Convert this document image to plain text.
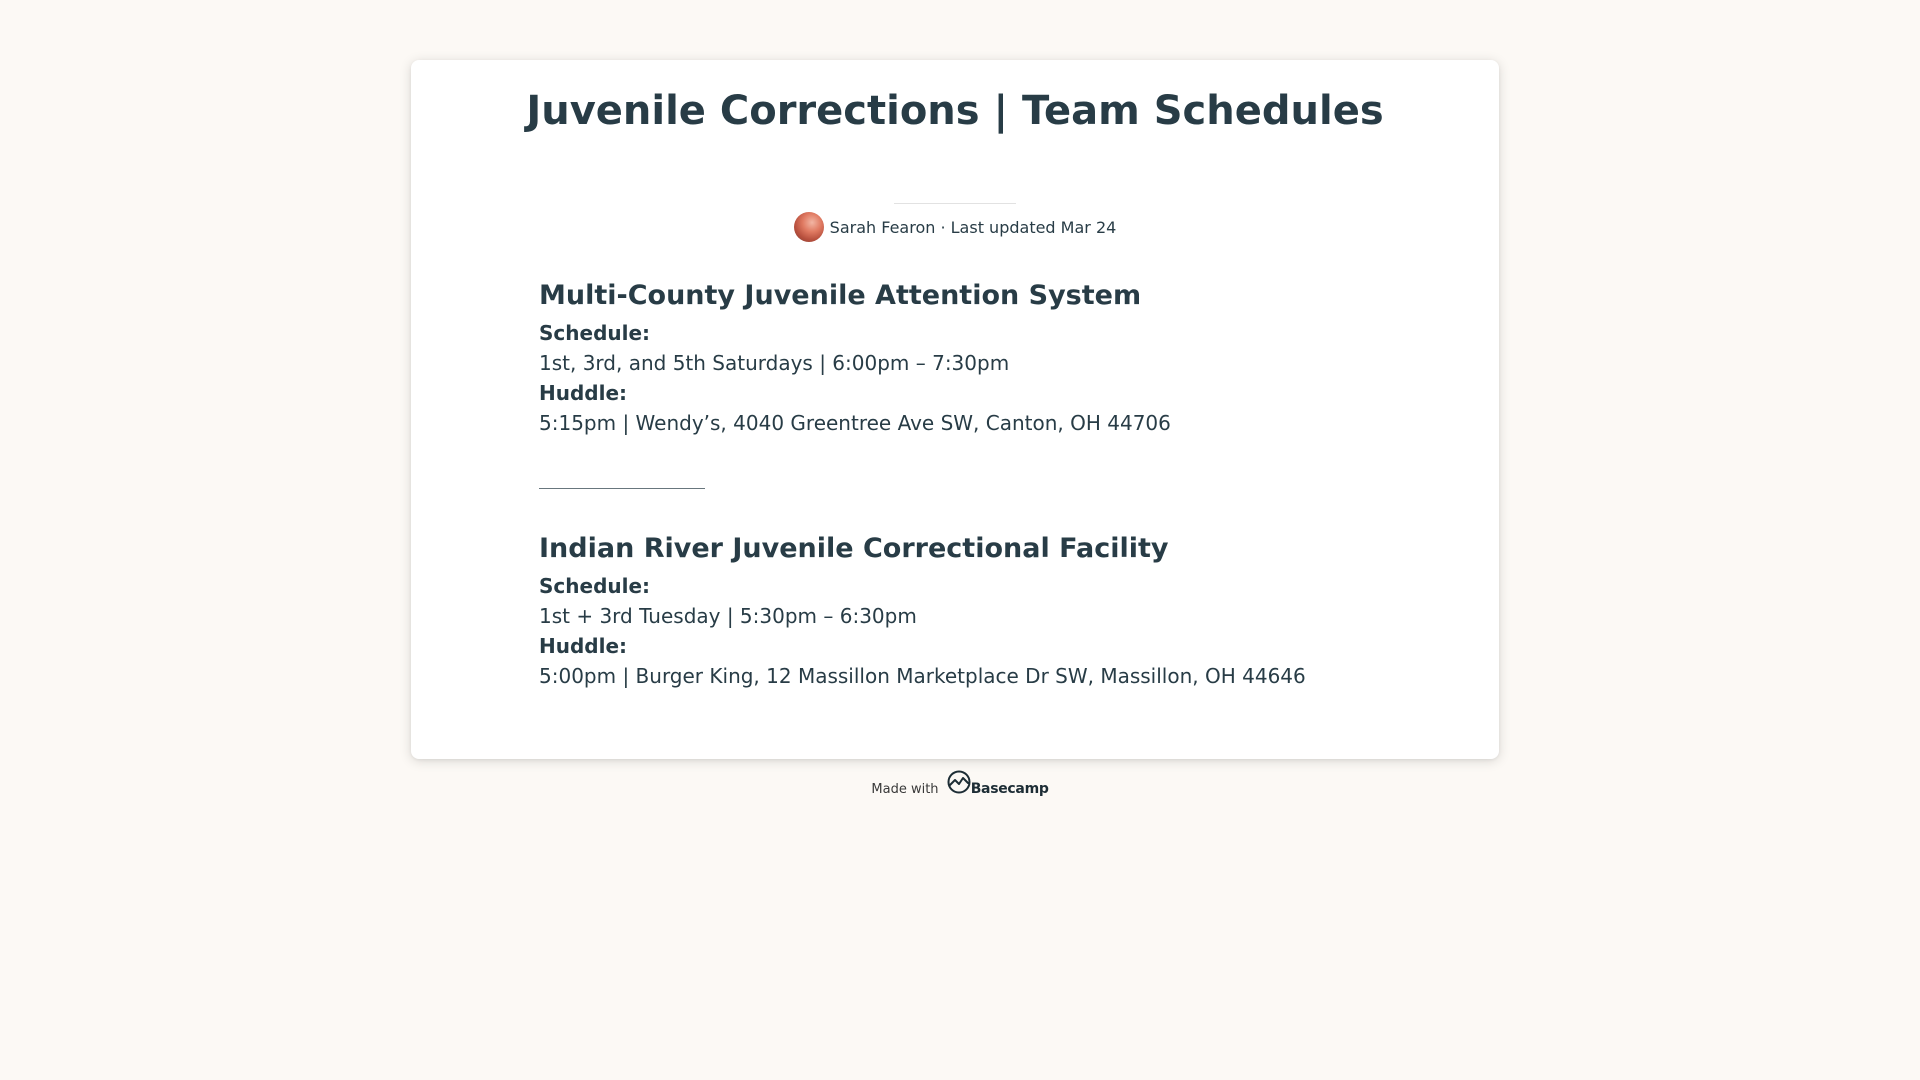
Juvenile Corrections | Team Schedules
Sarah Fearon · Last updated Mar 24
Multi-County Juvenile Attention System
Schedule:
1st, 3rd, and 5th Saturdays | 6:00pm – 7:30pm
Huddle:
5:15pm | Wendy’s, 4040 Greentree Ave SW, Canton, OH 44706
Indian River Juvenile Correctional Facility
Schedule:
1st + 3rd Tuesday | 5:30pm – 6:30pm
Huddle:
5:00pm | Burger King, 12 Massillon Marketplace Dr SW, Massillon, OH 44646
Made with Basecamp
